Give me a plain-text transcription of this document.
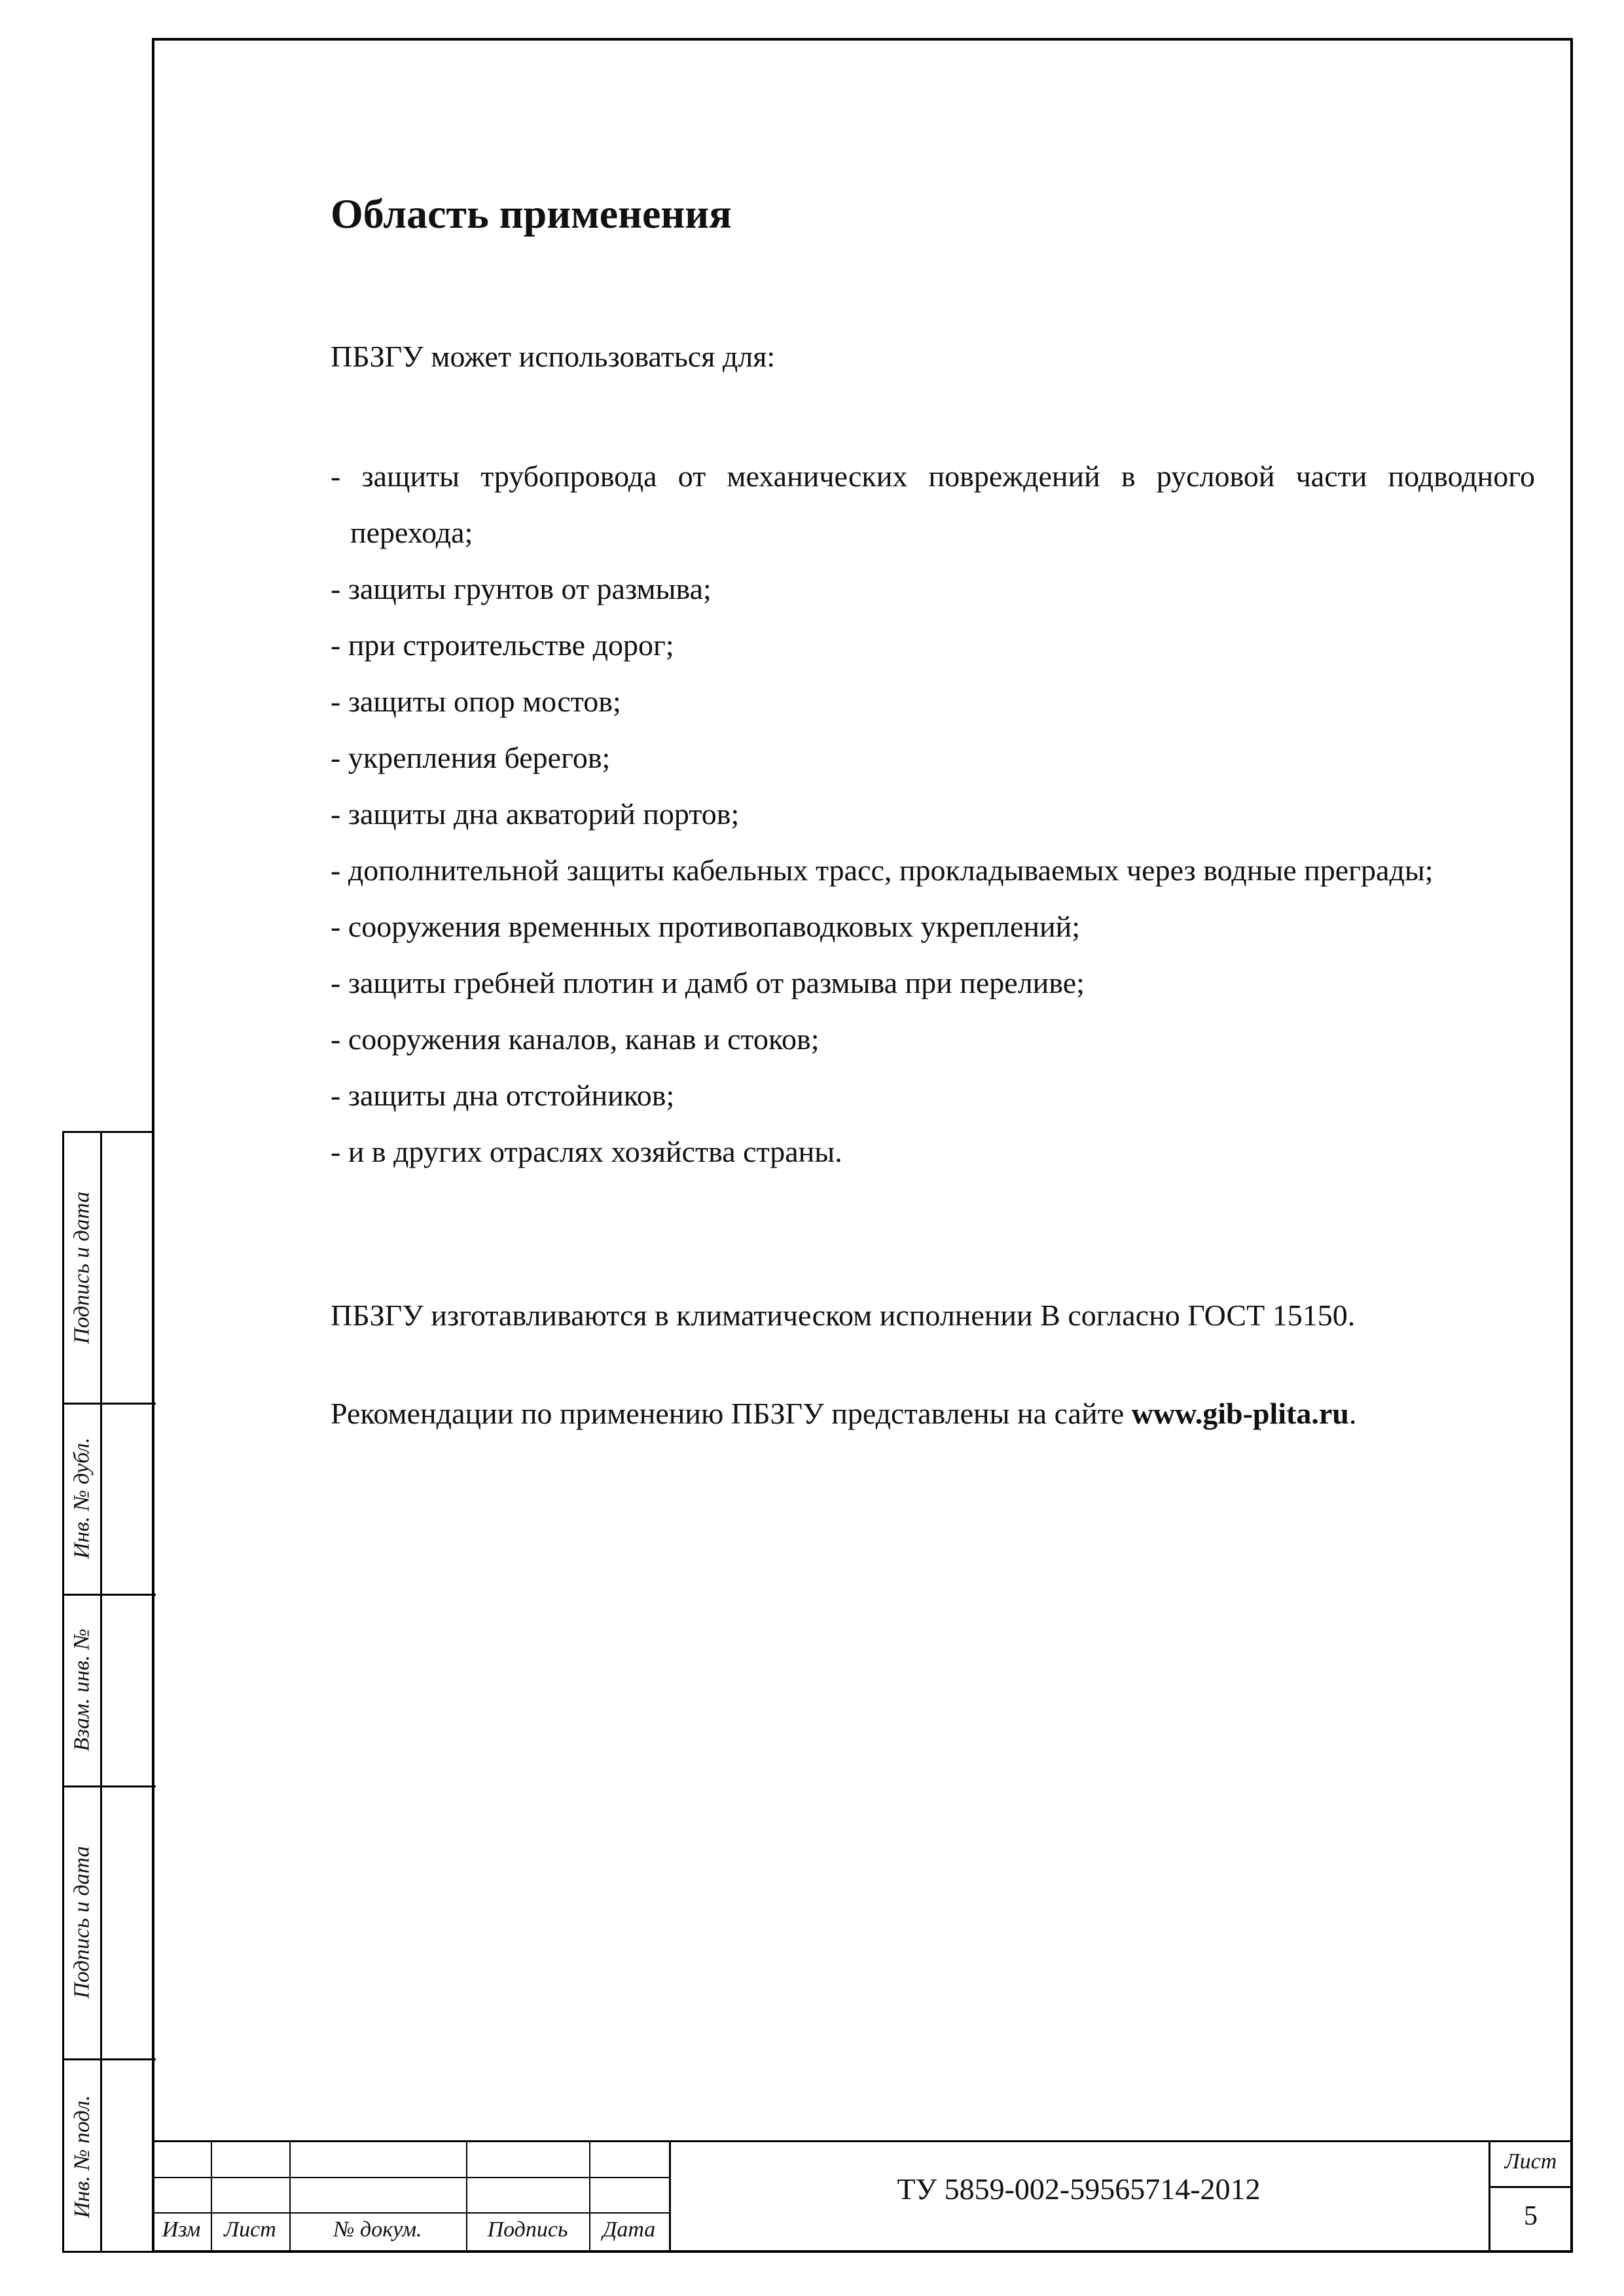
Область применения

ПБЗГУ может использоваться для:

- защиты трубопровода от механических повреждений в русловой части подводного перехода;
- защиты грунтов от размыва;
- при строительстве дорог;
- защиты опор мостов;
- укрепления берегов;
- защиты дна акваторий портов;
- дополнительной защиты кабельных трасс, прокладываемых через водные преграды;
- сооружения временных противопаводковых укреплений;
- защиты гребней плотин и дамб от размыва при переливе;
- сооружения каналов, канав и стоков;
- защиты дна отстойников;
- и в других отраслях хозяйства страны.

ПБЗГУ изготавливаются в климатическом исполнении В согласно ГОСТ 15150.

Рекомендации по применению ПБЗГУ представлены на сайте www.gib-plita.ru.

Подпись и дата
Инв. № дубл.
Взам. инв. №
Подпись и дата
Инв. № подл.
Изм	Лист	№ докум.	Подпись	Дата
ТУ 5859-002-59565714-2012
Лист
5
